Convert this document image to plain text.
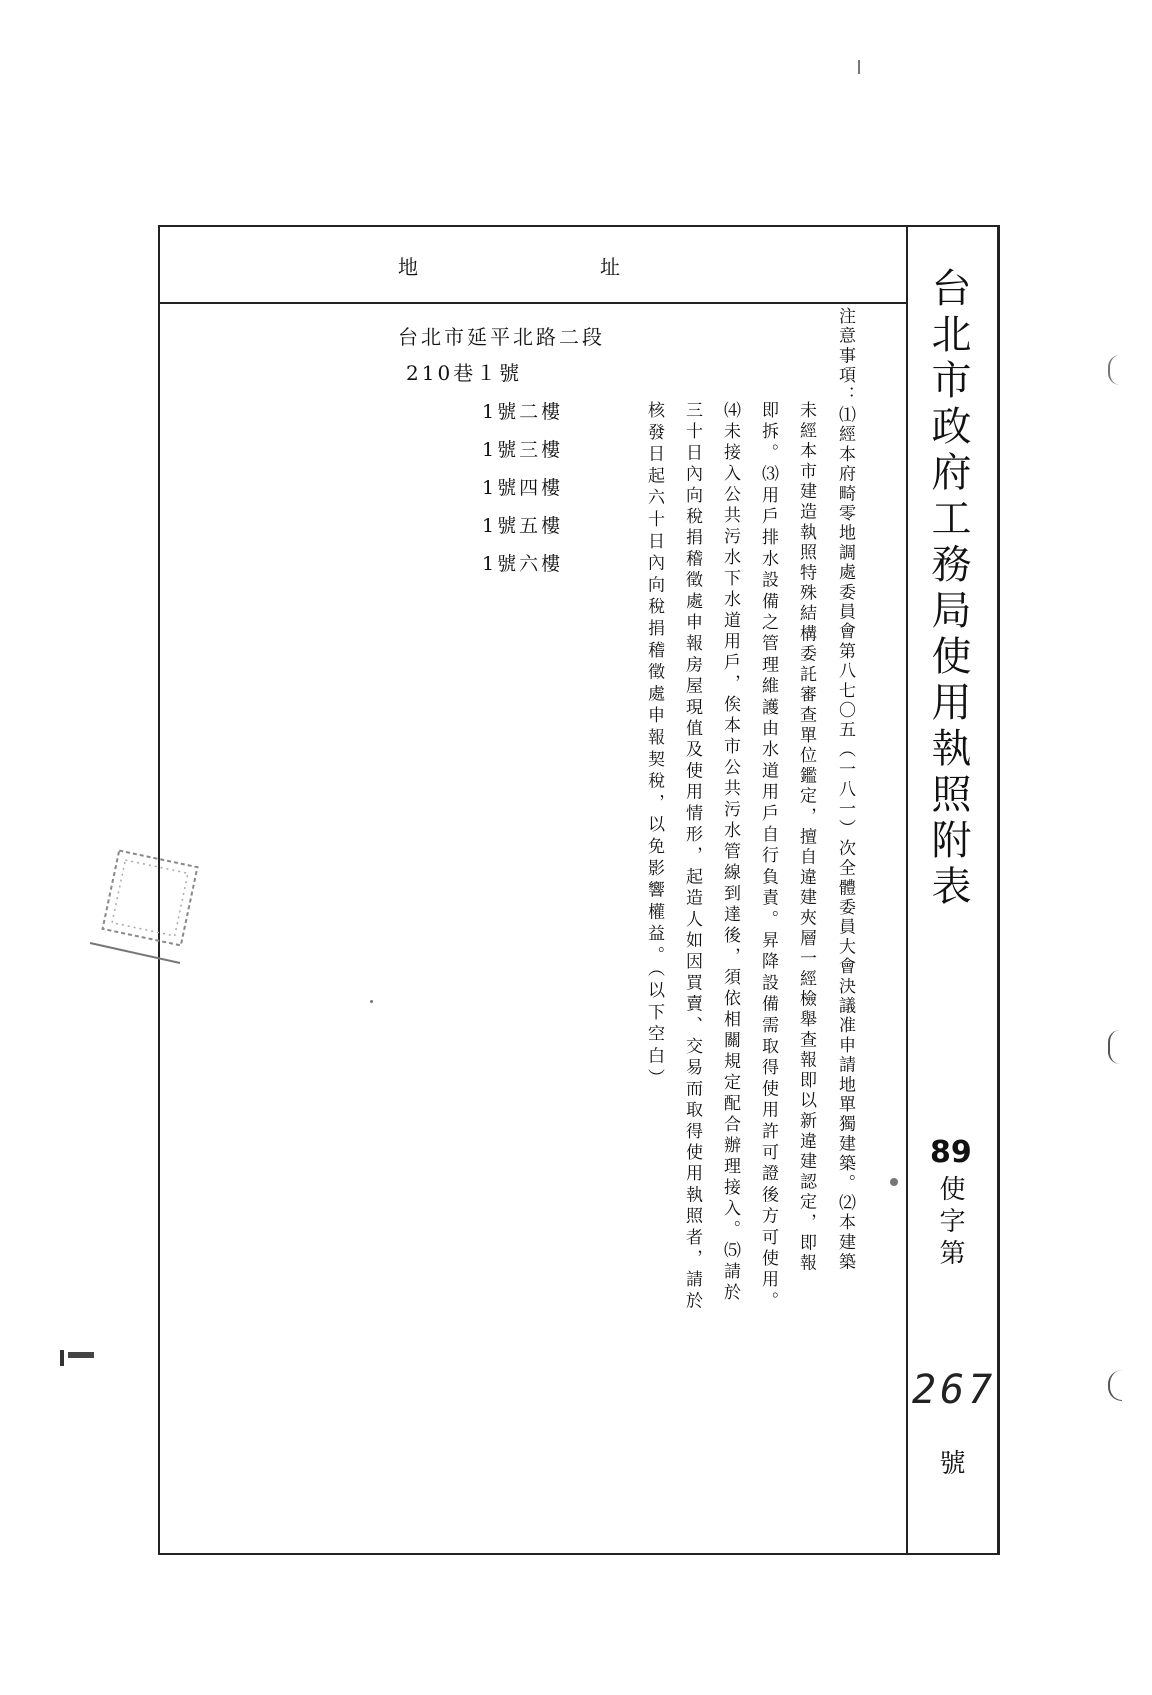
地	址
台北市延平北路二段
210巷１號
1號二樓
1號三樓
1號四樓
1號五樓
1號六樓	注意事項：⑴經本府畸零地調處委員會第八七〇五（一八一）次全體委員大會決議准申請地單獨建築。⑵本建築
未經本市建造執照特殊結構委託審查單位鑑定，擅自違建夾層一經檢舉查報即以新違建認定，即報
即拆。⑶用戶排水設備之管理維護由水道用戶自行負責。昇降設備需取得使用許可證後方可使用。
⑷未接入公共污水下水道用戶，俟本市公共污水管線到達後，須依相關規定配合辦理接入。⑸請於
三十日內向稅捐稽徵處申報房屋現值及使用情形，起造人如因買賣、交易而取得使用執照者，請於
核發日起六十日內向稅捐稽徵處申報契稅，以免影響權益。（以下空白）	台北市政府工務局使用執照附表
89
使字第
267
號
